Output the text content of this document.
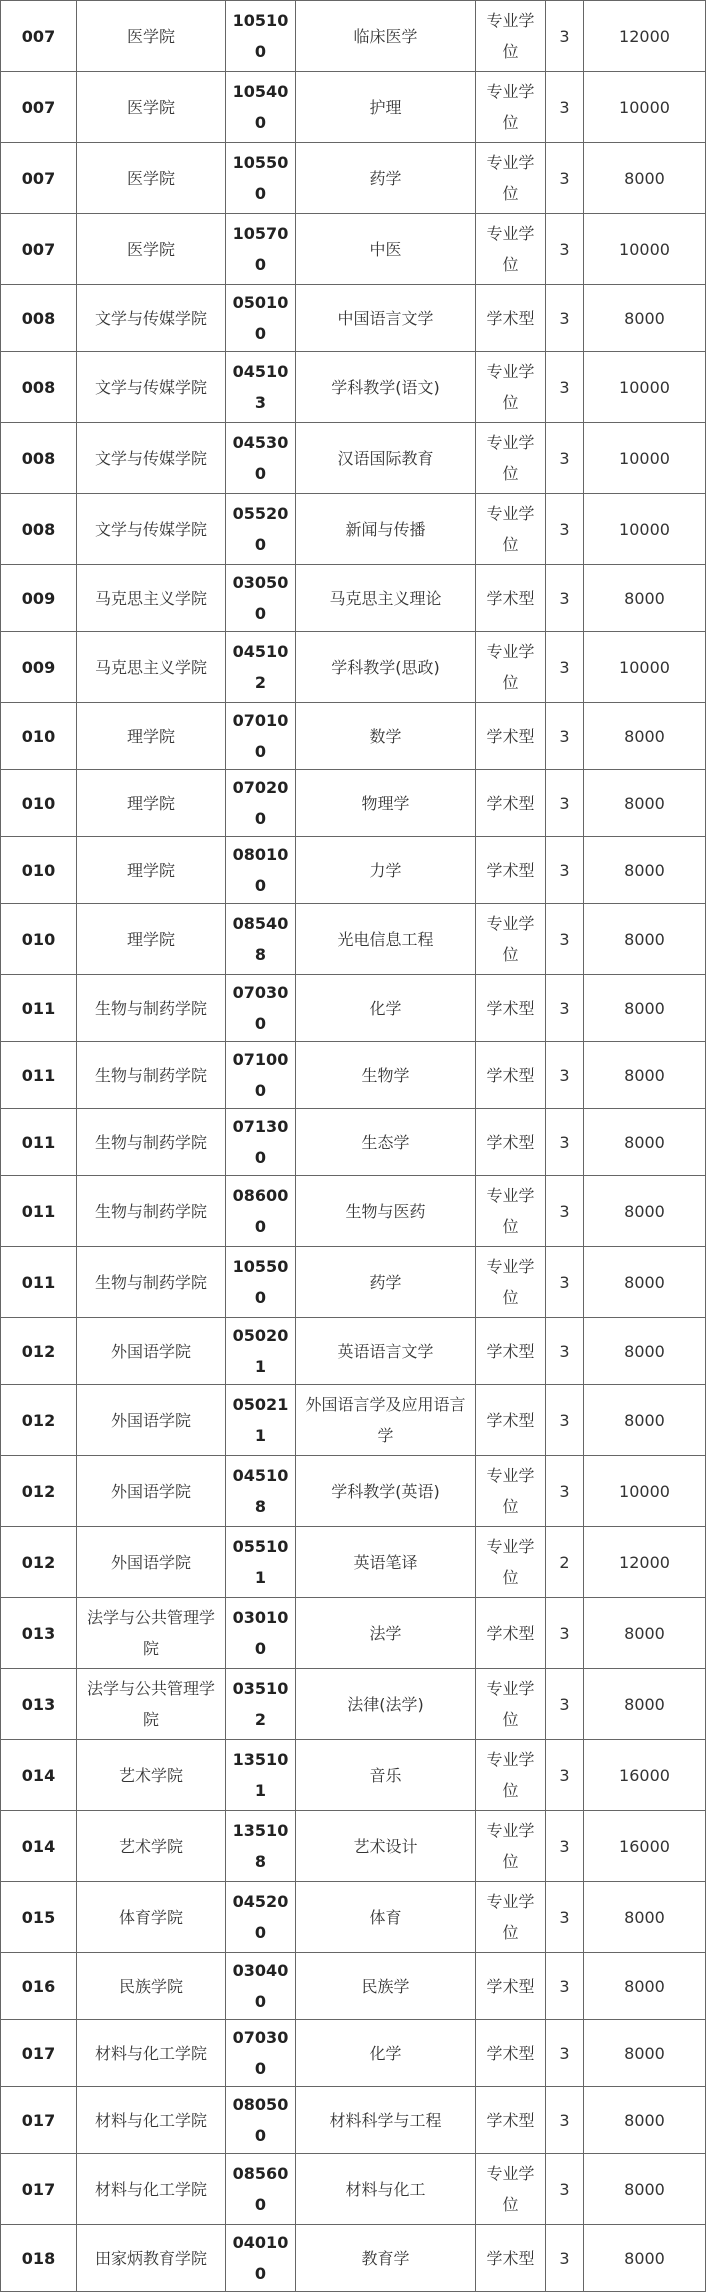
007	医学院	105100	临床医学	专业学位	3	12000
007	医学院	105400	护理	专业学位	3	10000
007	医学院	105500	药学	专业学位	3	8000
007	医学院	105700	中医	专业学位	3	10000
008	文学与传媒学院	050100	中国语言文学	学术型	3	8000
008	文学与传媒学院	045103	学科教学(语文)	专业学位	3	10000
008	文学与传媒学院	045300	汉语国际教育	专业学位	3	10000
008	文学与传媒学院	055200	新闻与传播	专业学位	3	10000
009	马克思主义学院	030500	马克思主义理论	学术型	3	8000
009	马克思主义学院	045102	学科教学(思政)	专业学位	3	10000
010	理学院	070100	数学	学术型	3	8000
010	理学院	070200	物理学	学术型	3	8000
010	理学院	080100	力学	学术型	3	8000
010	理学院	085408	光电信息工程	专业学位	3	8000
011	生物与制药学院	070300	化学	学术型	3	8000
011	生物与制药学院	071000	生物学	学术型	3	8000
011	生物与制药学院	071300	生态学	学术型	3	8000
011	生物与制药学院	086000	生物与医药	专业学位	3	8000
011	生物与制药学院	105500	药学	专业学位	3	8000
012	外国语学院	050201	英语语言文学	学术型	3	8000
012	外国语学院	050211	外国语言学及应用语言学	学术型	3	8000
012	外国语学院	045108	学科教学(英语)	专业学位	3	10000
012	外国语学院	055101	英语笔译	专业学位	2	12000
013	法学与公共管理学院	030100	法学	学术型	3	8000
013	法学与公共管理学院	035102	法律(法学)	专业学位	3	8000
014	艺术学院	135101	音乐	专业学位	3	16000
014	艺术学院	135108	艺术设计	专业学位	3	16000
015	体育学院	045200	体育	专业学位	3	8000
016	民族学院	030400	民族学	学术型	3	8000
017	材料与化工学院	070300	化学	学术型	3	8000
017	材料与化工学院	080500	材料科学与工程	学术型	3	8000
017	材料与化工学院	085600	材料与化工	专业学位	3	8000
018	田家炳教育学院	040100	教育学	学术型	3	8000
